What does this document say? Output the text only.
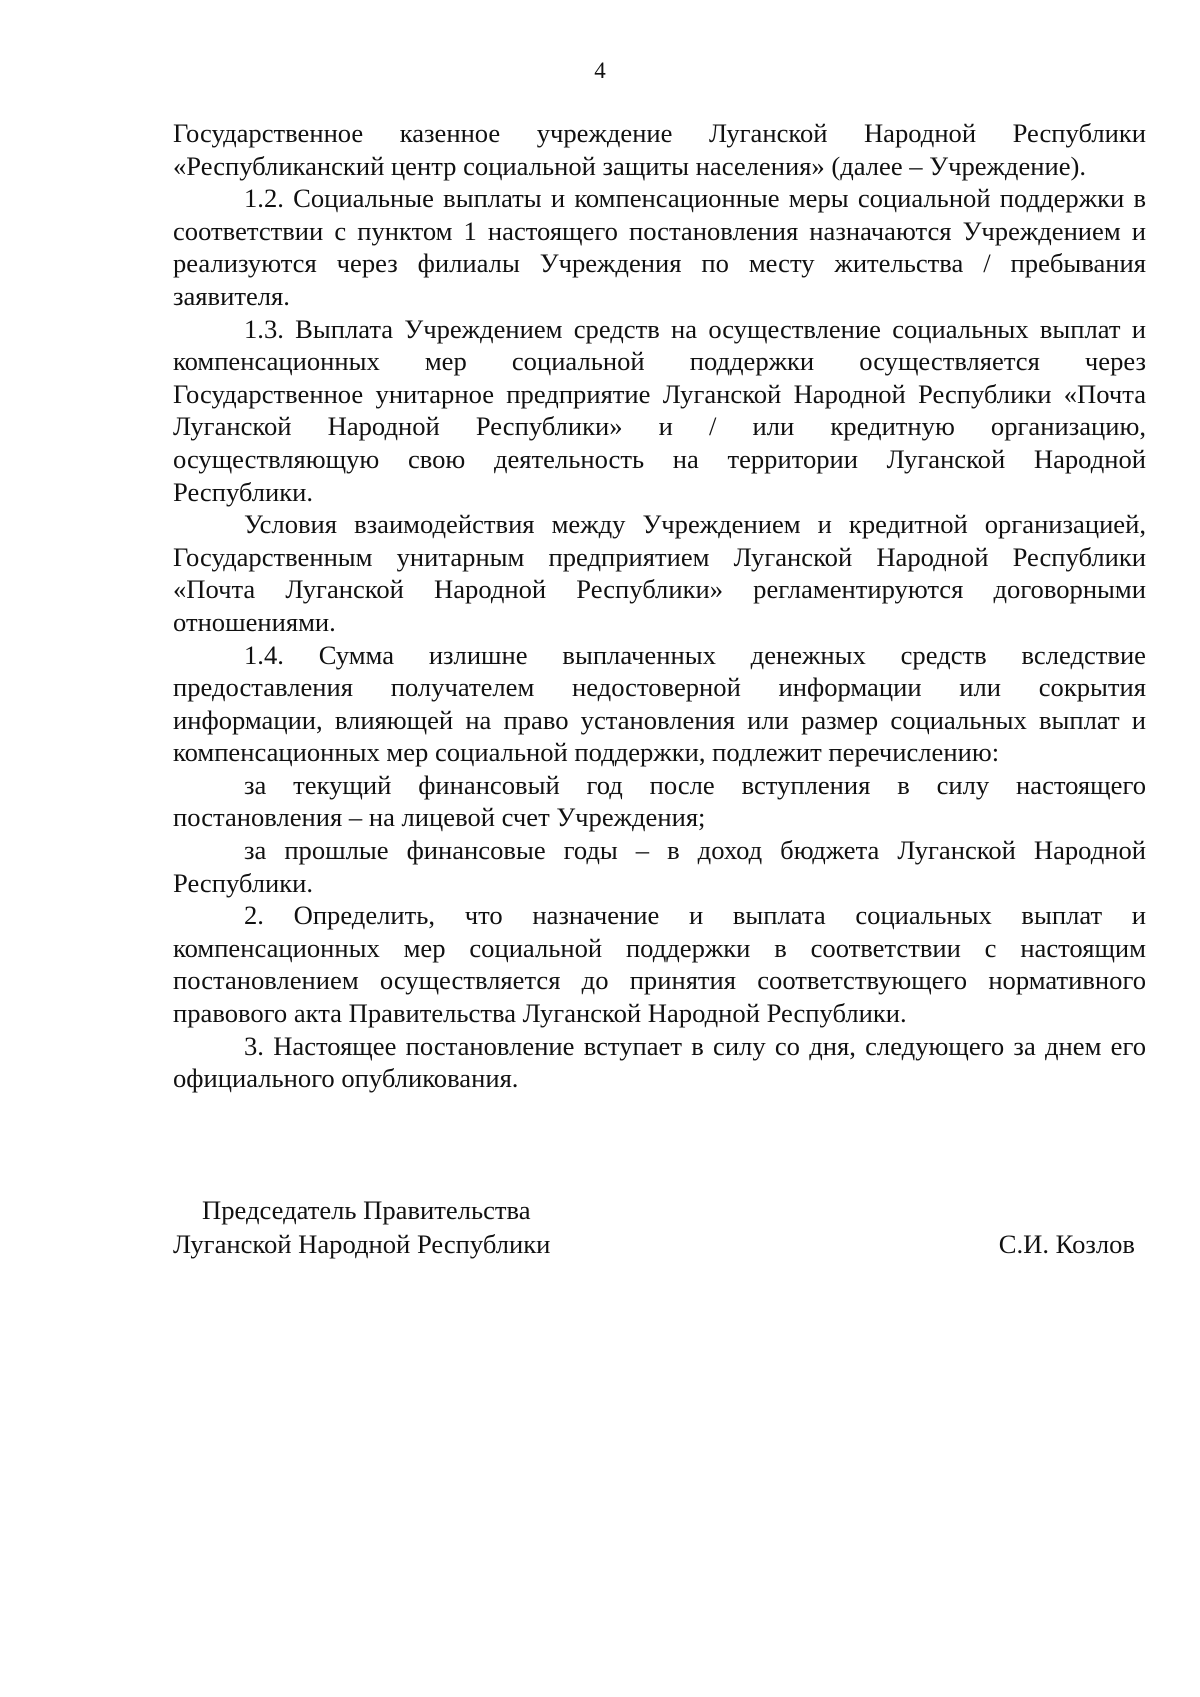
4

Государственное казенное учреждение Луганской Народной Республики «Республиканский центр социальной защиты населения» (далее – Учреждение).

1.2. Социальные выплаты и компенсационные меры социальной поддержки в соответствии с пунктом 1 настоящего постановления назначаются Учреждением и реализуются через филиалы Учреждения по месту жительства / пребывания заявителя.

1.3. Выплата Учреждением средств на осуществление социальных выплат и компенсационных мер социальной поддержки осуществляется через Государственное унитарное предприятие Луганской Народной Республики «Почта Луганской Народной Республики» и / или кредитную организацию, осуществляющую свою деятельность на территории Луганской Народной Республики.

Условия взаимодействия между Учреждением и кредитной организацией, Государственным унитарным предприятием Луганской Народной Республики «Почта Луганской Народной Республики» регламентируются договорными отношениями.

1.4. Сумма излишне выплаченных денежных средств вследствие предоставления получателем недостоверной информации или сокрытия информации, влияющей на право установления или размер социальных выплат и компенсационных мер социальной поддержки, подлежит перечислению:

за текущий финансовый год после вступления в силу настоящего постановления – на лицевой счет Учреждения;

за прошлые финансовые годы – в доход бюджета Луганской Народной Республики.

2. Определить, что назначение и выплата социальных выплат и компенсационных мер социальной поддержки в соответствии с настоящим постановлением осуществляется до принятия соответствующего нормативного правового акта Правительства Луганской Народной Республики.

3. Настоящее постановление вступает в силу со дня, следующего за днем его официального опубликования.

Председатель Правительства
Луганской Народной Республики	С.И. Козлов
